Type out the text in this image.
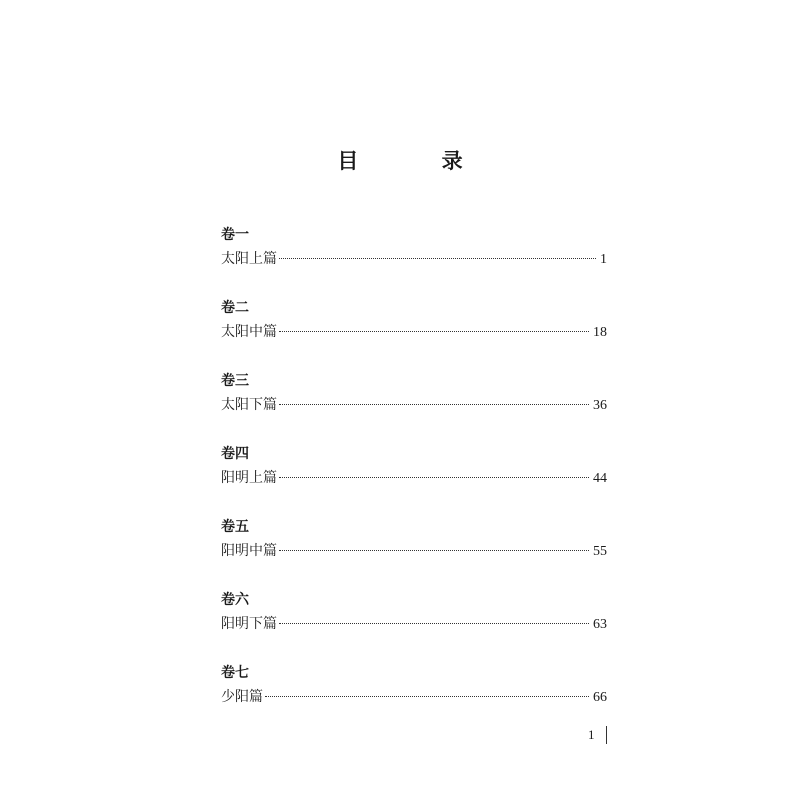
目 录
卷一
太阳上篇	1
卷二
太阳中篇	18
卷三
太阳下篇	36
卷四
阳明上篇	44
卷五
阳明中篇	55
卷六
阳明下篇	63
卷七
少阳篇	66
1
